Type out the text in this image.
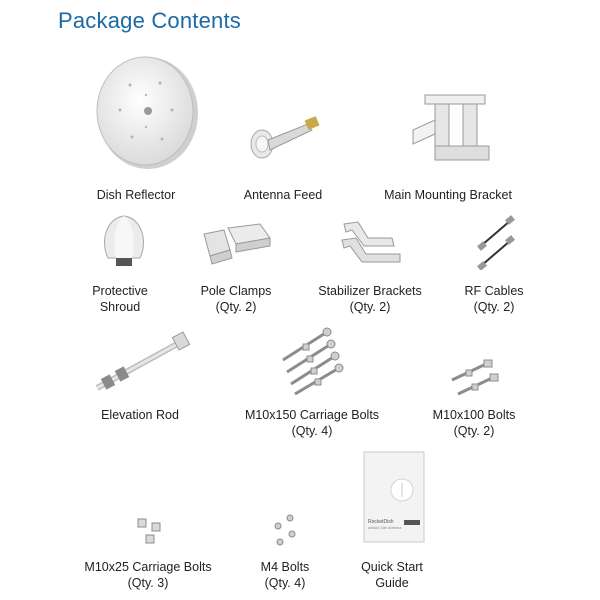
Package Contents
Dish Reflector	Antenna Feed	Main Mounting Bracket
Protective
Shroud
Pole Clamps
(Qty. 2)
Stabilizer Brackets
(Qty. 2)
RF Cables
(Qty. 2)
Elevation Rod	M10x150 Carriage Bolts
(Qty. 4)
M10x100 Bolts
(Qty. 2)
M10x25 Carriage Bolts
(Qty. 3)
M4 Bolts
(Qty. 4)
RocketDish
airMAX Dish Antenna
Quick Start
Guide
